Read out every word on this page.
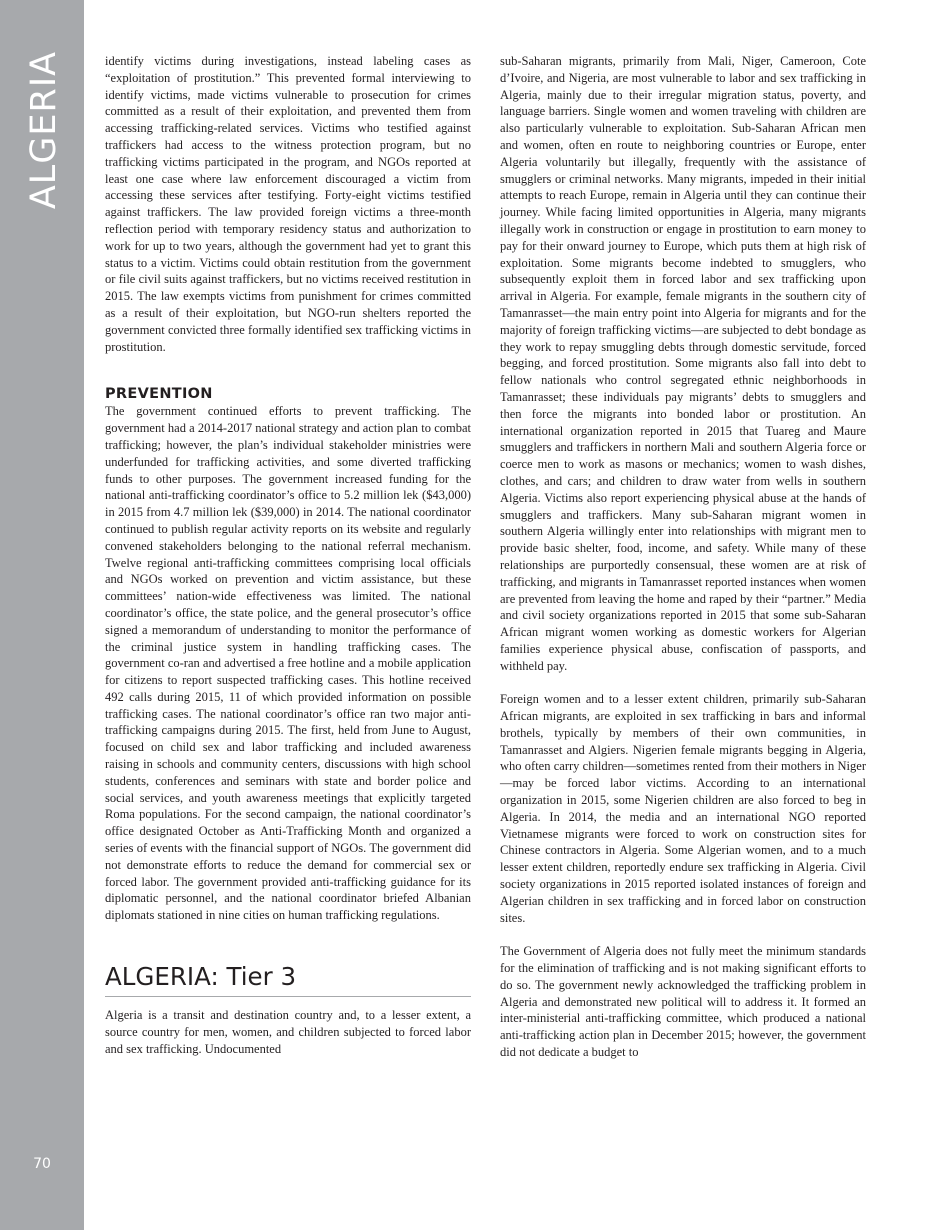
ALGERIA
70

identify victims during investigations, instead labeling cases as “exploitation of prostitution.” This prevented formal interviewing to identify victims, made victims vulnerable to prosecution for crimes committed as a result of their exploitation, and prevented them from accessing trafficking-related services. Victims who testified against traffickers had access to the witness protection program, but no trafficking victims participated in the program, and NGOs reported at least one case where law enforcement discouraged a victim from accessing these services after testifying. Forty-eight victims testified against traffickers. The law provided foreign victims a three-month reflection period with temporary residency status and authorization to work for up to two years, although the government had yet to grant this status to a victim. Victims could obtain restitution from the government or file civil suits against traffickers, but no victims received restitution in 2015. The law exempts victims from punishment for crimes committed as a result of their exploitation, but NGO-run shelters reported the government convicted three formally identified sex trafficking victims in prostitution.

PREVENTION

The government continued efforts to prevent trafficking. The government had a 2014-2017 national strategy and action plan to combat trafficking; however, the plan’s individual stakeholder ministries were underfunded for trafficking activities, and some diverted trafficking funds to other purposes. The government increased funding for the national anti-trafficking coordinator’s office to 5.2 million lek ($43,000) in 2015 from 4.7 million lek ($39,000) in 2014. The national coordinator continued to publish regular activity reports on its website and regularly convened stakeholders belonging to the national referral mechanism. Twelve regional anti-trafficking committees comprising local officials and NGOs worked on prevention and victim assistance, but these committees’ nation-wide effectiveness was limited. The national coordinator’s office, the state police, and the general prosecutor’s office signed a memorandum of understanding to monitor the performance of the criminal justice system in handling trafficking cases. The government co-ran and advertised a free hotline and a mobile application for citizens to report suspected trafficking cases. This hotline received 492 calls during 2015, 11 of which provided information on possible trafficking cases. The national coordinator’s office ran two major anti-trafficking campaigns during 2015. The first, held from June to August, focused on child sex and labor trafficking and included awareness raising in schools and community centers, discussions with high school students, conferences and seminars with state and border police and social services, and youth awareness meetings that explicitly targeted Roma populations. For the second campaign, the national coordinator’s office designated October as Anti-Trafficking Month and organized a series of events with the financial support of NGOs. The government did not demonstrate efforts to reduce the demand for commercial sex or forced labor. The government provided anti-trafficking guidance for its diplomatic personnel, and the national coordinator briefed Albanian diplomats stationed in nine cities on human trafficking regulations.

ALGERIA: Tier 3

Algeria is a transit and destination country and, to a lesser extent, a source country for men, women, and children subjected to forced labor and sex trafficking. Undocumented

sub-Saharan migrants, primarily from Mali, Niger, Cameroon, Cote d’Ivoire, and Nigeria, are most vulnerable to labor and sex trafficking in Algeria, mainly due to their irregular migration status, poverty, and language barriers. Single women and women traveling with children are also particularly vulnerable to exploitation. Sub-Saharan African men and women, often en route to neighboring countries or Europe, enter Algeria voluntarily but illegally, frequently with the assistance of smugglers or criminal networks. Many migrants, impeded in their initial attempts to reach Europe, remain in Algeria until they can continue their journey. While facing limited opportunities in Algeria, many migrants illegally work in construction or engage in prostitution to earn money to pay for their onward journey to Europe, which puts them at high risk of exploitation. Some migrants become indebted to smugglers, who subsequently exploit them in forced labor and sex trafficking upon arrival in Algeria. For example, female migrants in the southern city of Tamanrasset—the main entry point into Algeria for migrants and for the majority of foreign trafficking victims—are subjected to debt bondage as they work to repay smuggling debts through domestic servitude, forced begging, and forced prostitution. Some migrants also fall into debt to fellow nationals who control segregated ethnic neighborhoods in Tamanrasset; these individuals pay migrants’ debts to smugglers and then force the migrants into bonded labor or prostitution. An international organization reported in 2015 that Tuareg and Maure smugglers and traffickers in northern Mali and southern Algeria force or coerce men to work as masons or mechanics; women to wash dishes, clothes, and cars; and children to draw water from wells in southern Algeria. Victims also report experiencing physical abuse at the hands of smugglers and traffickers. Many sub-Saharan migrant women in southern Algeria willingly enter into relationships with migrant men to provide basic shelter, food, income, and safety. While many of these relationships are purportedly consensual, these women are at risk of trafficking, and migrants in Tamanrasset reported instances when women are prevented from leaving the home and raped by their “partner.” Media and civil society organizations reported in 2015 that some sub-Saharan African migrant women working as domestic workers for Algerian families experience physical abuse, confiscation of passports, and withheld pay.

Foreign women and to a lesser extent children, primarily sub-Saharan African migrants, are exploited in sex trafficking in bars and informal brothels, typically by members of their own communities, in Tamanrasset and Algiers. Nigerien female migrants begging in Algeria, who often carry children—sometimes rented from their mothers in Niger—may be forced labor victims. According to an international organization in 2015, some Nigerien children are also forced to beg in Algeria. In 2014, the media and an international NGO reported Vietnamese migrants were forced to work on construction sites for Chinese contractors in Algeria. Some Algerian women, and to a much lesser extent children, reportedly endure sex trafficking in Algeria. Civil society organizations in 2015 reported isolated instances of foreign and Algerian children in sex trafficking and in forced labor on construction sites.

The Government of Algeria does not fully meet the minimum standards for the elimination of trafficking and is not making significant efforts to do so. The government newly acknowledged the trafficking problem in Algeria and demonstrated new political will to address it. It formed an inter-ministerial anti-trafficking committee, which produced a national anti-trafficking action plan in December 2015; however, the government did not dedicate a budget to
